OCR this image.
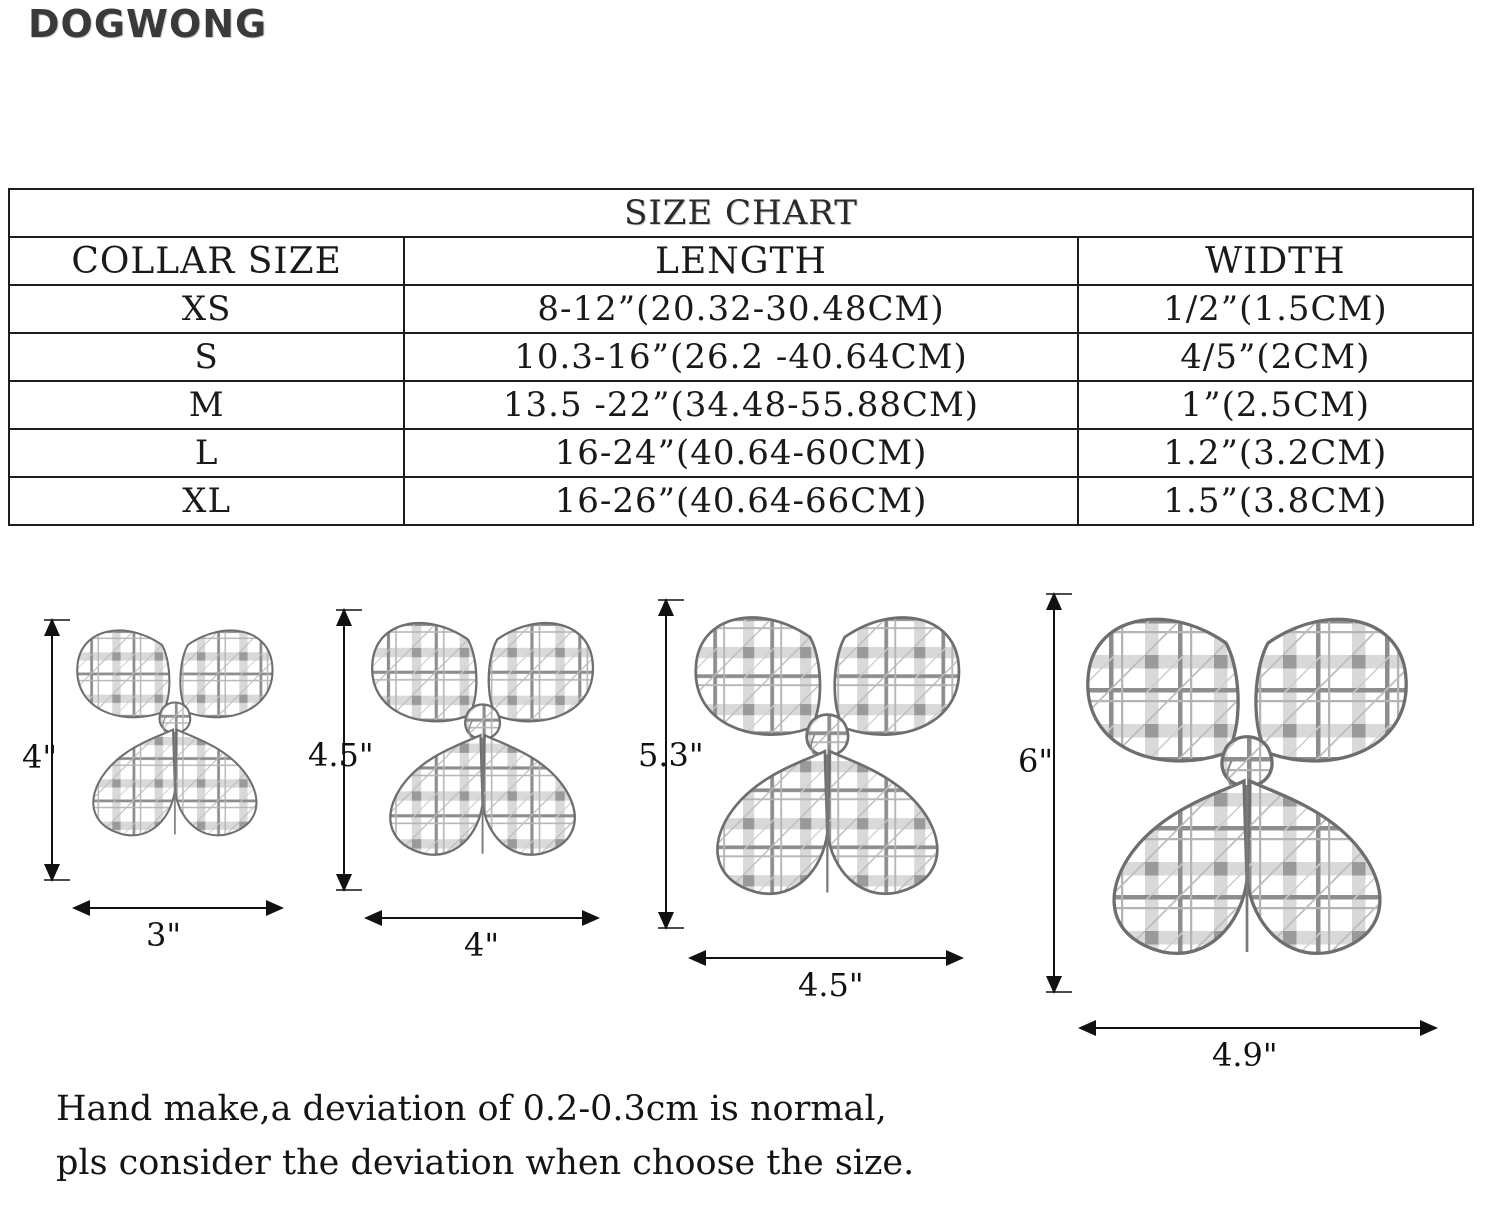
DOGWONG
SIZE CHART		
COLLAR SIZE	LENGTH	WIDTH
XS	8-12”(20.32-30.48CM)	1/2”(1.5CM)
S	10.3-16”(26.2 -40.64CM)	4/5”(2CM)
M	13.5 -22”(34.48-55.88CM)	1”(2.5CM)
L	16-24”(40.64-60CM)	1.2”(3.2CM)
XL	16-26”(40.64-66CM)	1.5”(3.8CM)
4"
3"
4.5"
4"
5.3"
4.5"
6"
4.9"
Hand make,a deviation of 0.2-0.3cm is normal,
pls consider the deviation when choose the size.
